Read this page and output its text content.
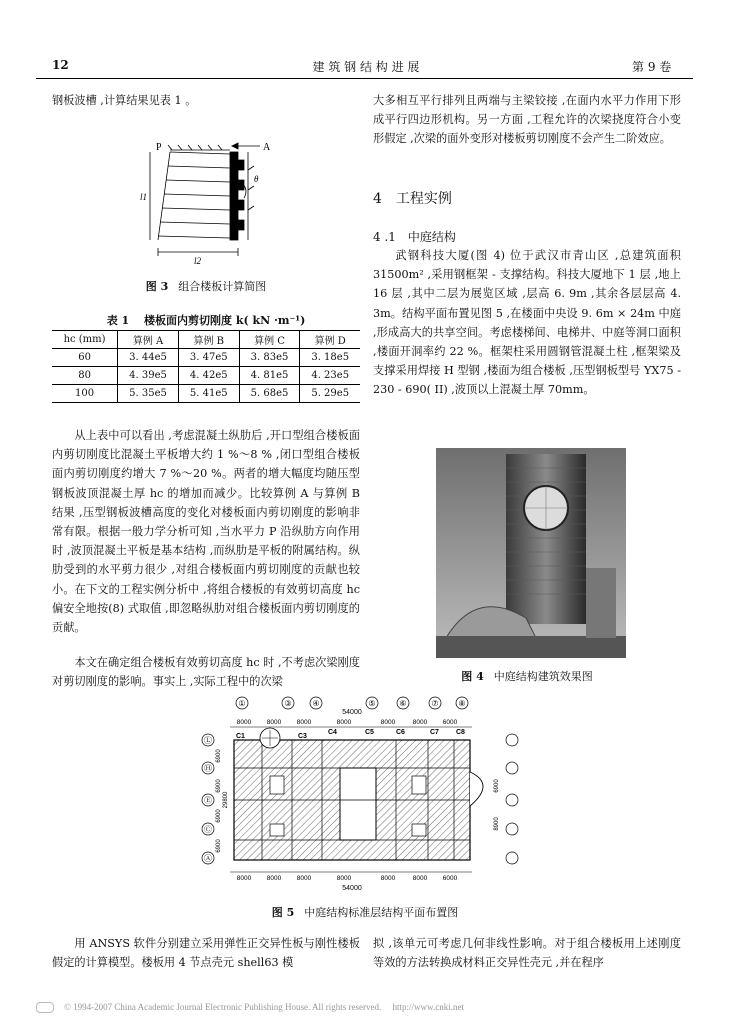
12	建 筑 钢 结 构 进 展	第 9 卷

钢板波槽 ,计算结果见表 1 。

P	A
θ
l1
l2
图 3 组合楼板计算简图
表 1 　楼板面内剪切刚度 k( kN ·m⁻¹)
hc (mm)	算例 A	算例 B	算例 C	算例 D
60	3. 44e5	3. 47e5	3. 83e5	3. 18e5
80	4. 39e5	4. 42e5	4. 81e5	4. 23e5
100	5. 35e5	5. 41e5	5. 68e5	5. 29e5

从上表中可以看出 ,考虑混凝土纵肋后 ,开口型组合楼板面内剪切刚度比混凝土平板增大约 1 %～8 % ,闭口型组合楼板面内剪切刚度约增大 7 %～20 %。两者的增大幅度均随压型钢板波顶混凝土厚 hc 的增加而减少。比较算例 A 与算例 B 结果 ,压型钢板波槽高度的变化对楼板面内剪切刚度的影响非常有限。根据一般力学分析可知 ,当水平力 P 沿纵肋方向作用时 ,波顶混凝土平板是基本结构 ,而纵肋是平板的附属结构。纵肋受到的水平剪力很少 ,对组合楼板面内剪切刚度的贡献也较小。在下文的工程实例分析中 ,将组合楼板的有效剪切高度 hc 偏安全地按(8) 式取值 ,即忽略纵肋对组合楼板面内剪切刚度的贡献。

本文在确定组合楼板有效剪切高度 hc 时 ,不考虑次梁刚度对剪切刚度的影响。事实上 ,实际工程中的次梁

大多相互平行排列且两端与主梁铰接 ,在面内水平力作用下形成平行四边形机构。另一方面 ,工程允许的次梁挠度符合小变形假定 ,次梁的面外变形对楼板剪切刚度不会产生二阶效应。

4　工程实例
4 .1　中庭结构

武钢科技大厦(图 4) 位于武汉市青山区 ,总建筑面积 31500m² ,采用钢框架 - 支撑结构。科技大厦地下 1 层 ,地上 16 层 ,其中二层为展览区域 ,层高 6. 9m ,其余各层层高 4. 3m。结构平面布置见图 5 ,在楼面中央设 9. 6m × 24m 中庭 ,形成高大的共享空间。考虑楼梯间、电梯井、中庭等洞口面积 ,楼面开洞率约 22 %。框架柱采用圆钢管混凝土柱 ,框架梁及支撑采用焊接 H 型钢 ,楼面为组合楼板 ,压型钢板型号 YX75 - 230 - 690( II) ,波顶以上混凝土厚 70mm。

图 4 中庭结构建筑效果图
①	③	④	⑤	⑥	⑦ ⑧
54000
8000 8000 8000	8000	8000	8000 6000
C1	C3
C4	C5	C6	C7 C8
Ⓛ
Ⓗ
Ⓔ
Ⓒ
Ⓐ
6900
6900
6900
6900
29800
6900
8900
8000 8000 8000	8000	8000	8000 6000
54000
图 5 中庭结构标准层结构平面布置图

用 ANSYS 软件分别建立采用弹性正交异性板与刚性楼板假定的计算模型。楼板用 4 节点壳元 shell63 模

拟 ,该单元可考虑几何非线性影响。对于组合楼板用上述刚度等效的方法转换成材料正交异性壳元 ,并在程序

© 1994-2007 China Academic Journal Electronic Publishing House. All rights reserved.　 http://www.cnki.net
